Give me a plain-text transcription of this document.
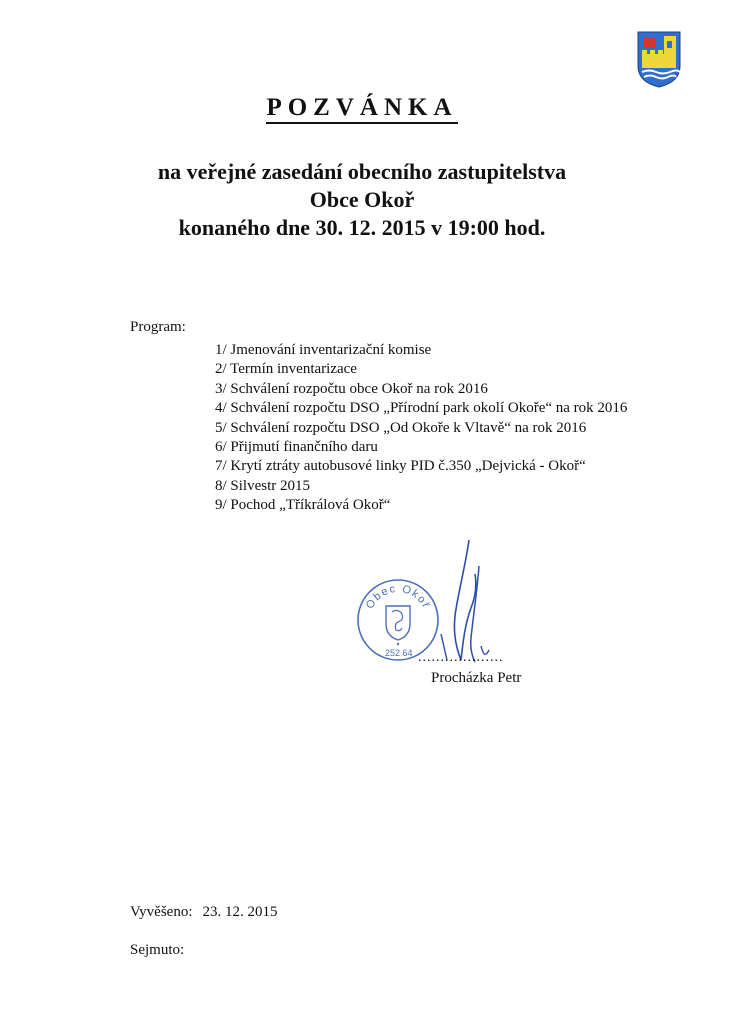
POZVÁNKA
na veřejné zasedání obecního zastupitelstva
Obce Okoř
konaného dne 30. 12. 2015 v 19:00 hod.
Program:
1/ Jmenování inventarizační komise
2/ Termín inventarizace
3/ Schválení rozpočtu obce Okoř na rok 2016
4/ Schválení rozpočtu DSO „Přírodní park okolí Okoře“ na rok 2016
5/ Schválení rozpočtu DSO „Od Okoře k Vltavě“ na rok 2016
6/ Přijmutí finančního daru
7/ Krytí ztráty autobusové linky PID č.350 „Dejvická - Okoř“
8/ Silvestr 2015
9/ Pochod „Tříkrálová Okoř“
Obec Okoř
252 64 ...................
Procházka Petr
Vyvěšeno: 23. 12. 2015
Sejmuto:
